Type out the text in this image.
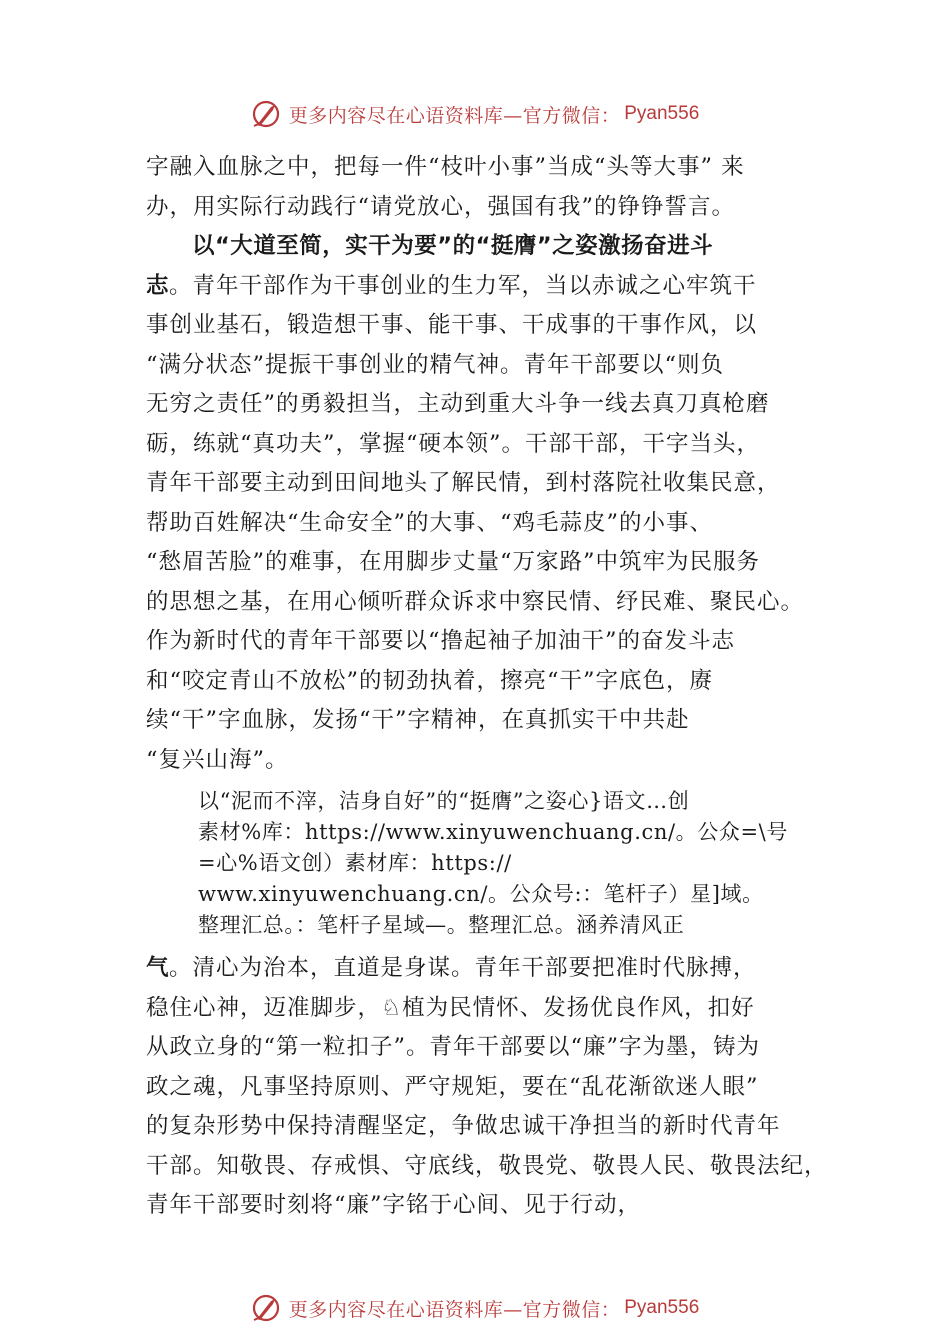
更多内容尽在心语资料库—官方微信： Pyan556
字融入血脉之中，把每一件“枝叶小事”当成“头等大事” 来
办，用实际行动践行“请党放心，强国有我”的铮铮誓言。
以“大道至简，实干为要”的“挺膺”之姿激扬奋进斗
志。青年干部作为干事创业的生力军，当以赤诚之心牢筑干
事创业基石，锻造想干事、能干事、干成事的干事作风，以
“满分状态”提振干事创业的精气神。青年干部要以“则负
无穷之责任”的勇毅担当，主动到重大斗争一线去真刀真枪磨
砺，练就“真功夫”，掌握“硬本领”。干部干部，干字当头，
青年干部要主动到田间地头了解民情，到村落院社收集民意，
帮助百姓解决“生命安全”的大事、“鸡毛蒜皮”的小事、
“愁眉苦脸”的难事，在用脚步丈量“万家路”中筑牢为民服务
的思想之基，在用心倾听群众诉求中察民情、纾民难、聚民心。
作为新时代的青年干部要以“撸起袖子加油干”的奋发斗志
和“咬定青山不放松”的韧劲执着，擦亮“干”字底色，赓
续“干”字血脉，发扬“干”字精神，在真抓实干中共赴
“复兴山海”。
以“泥而不滓，洁身自好”的“挺膺”之姿心}语文…创
素材%库：https://www.xinyuwenchuang.cn/。公众=\号
=心%语文创）素材库：https://
www.xinyuwenchuang.cn/。公众号:：笔杆子）星]域。
整理汇总。：笔杆子星域—。整理汇总。涵养清风正
气。清心为治本，直道是身谋。青年干部要把准时代脉搏，
稳住心神，迈准脚步，♘植为民情怀、发扬优良作风，扣好
从政立身的“第一粒扣子”。青年干部要以“廉”字为墨，铸为
政之魂，凡事坚持原则、严守规矩，要在“乱花渐欲迷人眼”
的复杂形势中保持清醒坚定，争做忠诚干净担当的新时代青年
干部。知敬畏、存戒惧、守底线，敬畏党、敬畏人民、敬畏法纪，
青年干部要时刻将“廉”字铭于心间、见于行动，
更多内容尽在心语资料库—官方微信： Pyan556
